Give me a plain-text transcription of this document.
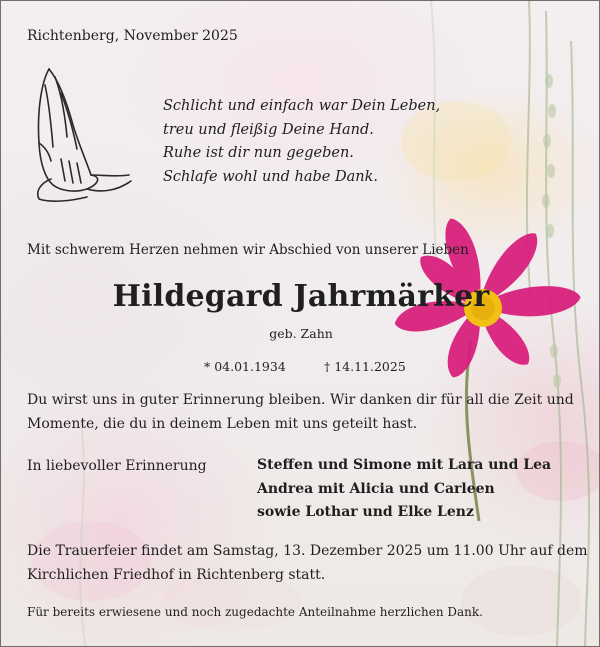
Richtenberg, November 2025
Schlicht und einfach war Dein Leben,
treu und fleißig Deine Hand.
Ruhe ist dir nun gegeben.
Schlafe wohl und habe Dank.
Mit schwerem Herzen nehmen wir Abschied von unserer Lieben
Hildegard Jahrmärker
geb. Zahn
* 04.01.1934	† 14.11.2025
Du wirst uns in guter Erinnerung bleiben. Wir danken dir für all die Zeit und
Momente, die du in deinem Leben mit uns geteilt hast.
In liebevoller Erinnerung	Steffen und Simone mit Lara und Lea
Andrea mit Alicia und Carleen
sowie Lothar und Elke Lenz
Die Trauerfeier findet am Samstag, 13. Dezember 2025 um 11.00 Uhr auf dem
Kirchlichen Friedhof in Richtenberg statt.
Für bereits erwiesene und noch zugedachte Anteilnahme herzlichen Dank.
